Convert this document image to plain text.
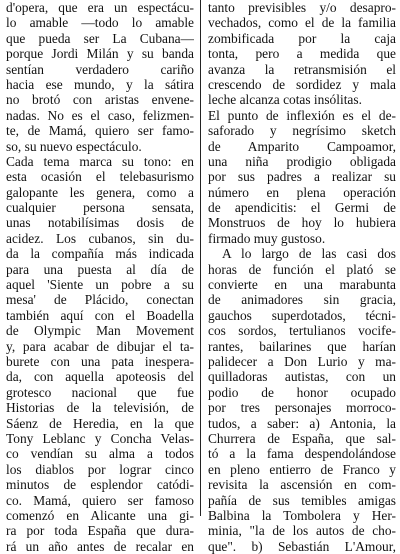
d'opera, que era un espectácu-
lo amable —todo lo amable
que pueda ser La Cubana—
porque Jordi Milán y su banda
sentían verdadero cariño
hacia ese mundo, y la sátira
no brotó con aristas envene-
nadas. No es el caso, felizmen-
te, de Mamá, quiero ser famo-
so, su nuevo espectáculo.
Cada tema marca su tono: en
esta ocasión el telebasurismo
galopante les genera, como a
cualquier persona sensata,
unas notabilísimas dosis de
acidez. Los cubanos, sin du-
da la compañía más indicada
para una puesta al día de
aquel 'Siente un pobre a su
mesa' de Plácido, conectan
también aquí con el Boadella
de Olympic Man Movement
y, para acabar de dibujar el ta-
burete con una pata inespera-
da, con aquella apoteosis del
grotesco nacional que fue
Historias de la televisión, de
Sáenz de Heredia, en la que
Tony Leblanc y Concha Velas-
co vendían su alma a todos
los diablos por lograr cinco
minutos de esplendor catódi-
co. Mamá, quiero ser famoso
comenzó en Alicante una gi-
ra por toda España que dura-
rá un año antes de recalar en
tanto previsibles y/o desapro-
vechados, como el de la familia
zombificada por la caja
tonta, pero a medida que
avanza la retransmisión el
crescendo de sordidez y mala
leche alcanza cotas insólitas.
El punto de inflexión es el de-
saforado y negrísimo sketch
de Amparito Campoamor,
una niña prodigio obligada
por sus padres a realizar su
número en plena operación
de apendicitis: el Germi de
Monstruos de hoy lo hubiera
firmado muy gustoso.
A lo largo de las casi dos
horas de función el plató se
convierte en una marabunta
de animadores sin gracia,
gauchos superdotados, técni-
cos sordos, tertulianos vocife-
rantes, bailarines que harían
palidecer a Don Lurio y ma-
quilladoras autistas, con un
podio de honor ocupado
por tres personajes morroco-
tudos, a saber: a) Antonia, la
Churrera de España, que sal-
tó a la fama despendolándose
en pleno entierro de Franco y
revisita la ascensión en com-
pañía de sus temibles amigas
Balbina la Tombolera y Her-
minia, "la de los autos de cho-
que". b) Sebastián L'Amour,
